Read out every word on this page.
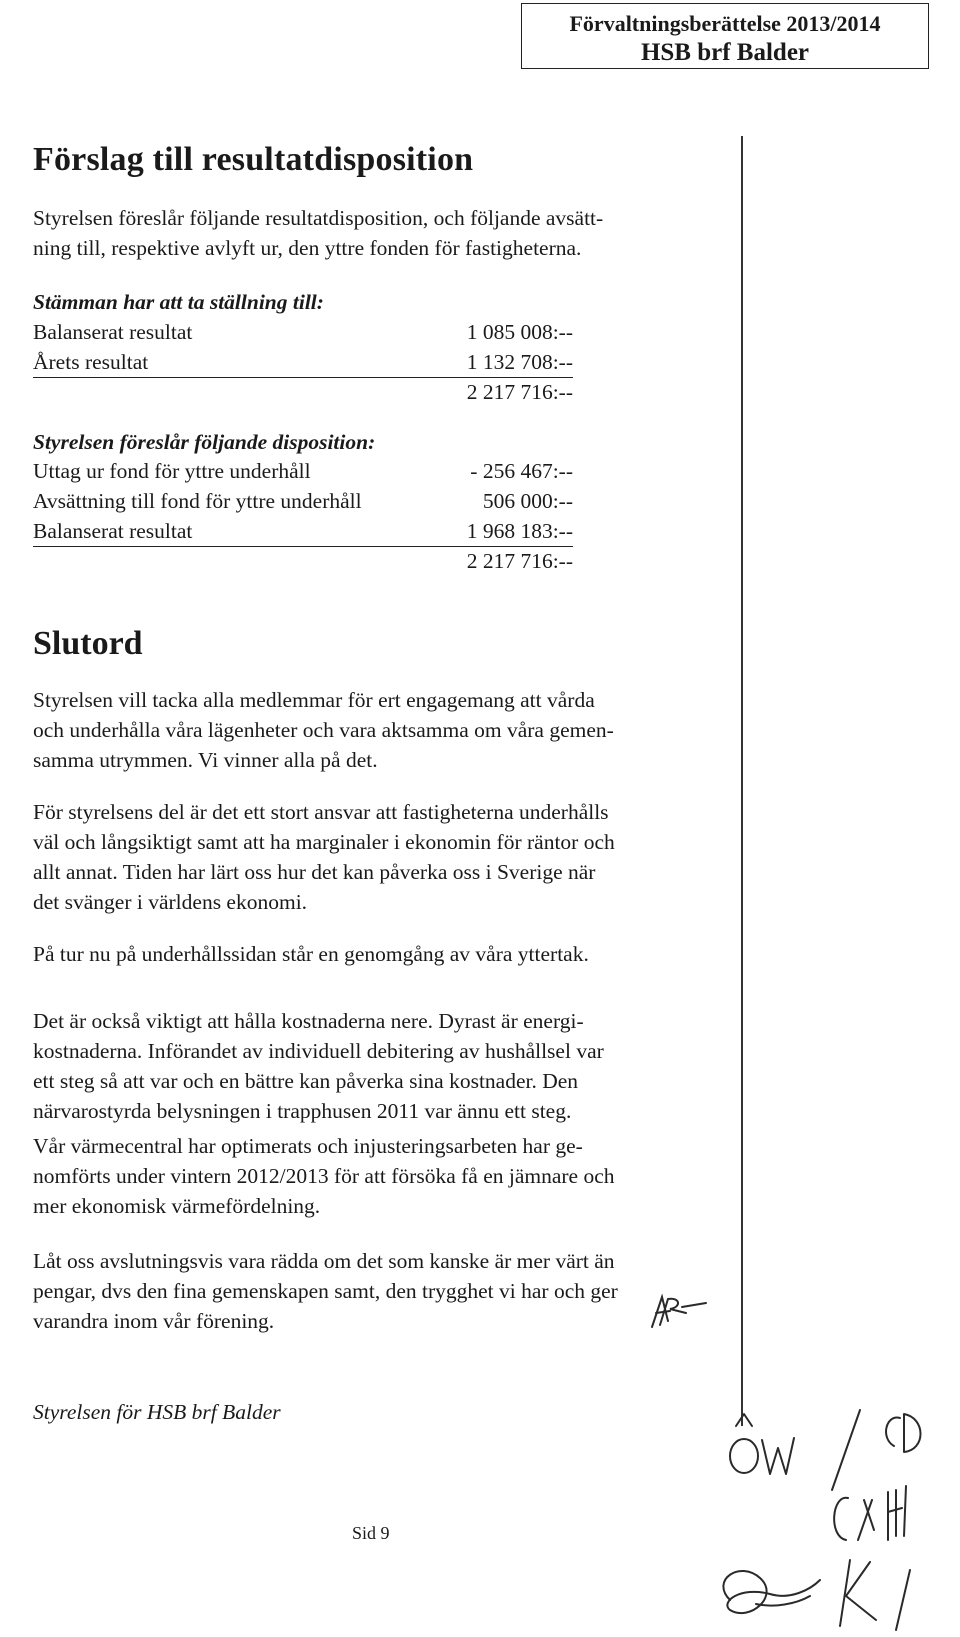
Förvaltningsberättelse 2013/2014
HSB brf Balder
Förslag till resultatdisposition
Styrelsen föreslår följande resultatdisposition, och följande avsätt-
ning till, respektive avlyft ur, den yttre fonden för fastigheterna.
Stämman har att ta ställning till:
Balanserat resultat	1 085 008:--
Årets resultat	1 132 708:--
2 217 716:--
Styrelsen föreslår följande disposition:
Uttag ur fond för yttre underhåll	- 256 467:--
Avsättning till fond för yttre underhåll	506 000:--
Balanserat resultat	1 968 183:--
2 217 716:--
Slutord
Styrelsen vill tacka alla medlemmar för ert engagemang att vårda
och underhålla våra lägenheter och vara aktsamma om våra gemen-
samma utrymmen. Vi vinner alla på det.
För styrelsens del är det ett stort ansvar att fastigheterna underhålls
väl och långsiktigt samt att ha marginaler i ekonomin för räntor och
allt annat. Tiden har lärt oss hur det kan påverka oss i Sverige när
det svänger i världens ekonomi.
På tur nu på underhållssidan står en genomgång av våra yttertak.
Det är också viktigt att hålla kostnaderna nere. Dyrast är energi-
kostnaderna. Införandet av individuell debitering av hushållsel var
ett steg så att var och en bättre kan påverka sina kostnader. Den
närvarostyrda belysningen i trapphusen 2011 var ännu ett steg.
Vår värmecentral har optimerats och injusteringsarbeten har ge-
nomförts under vintern 2012/2013 för att försöka få en jämnare och
mer ekonomisk värmefördelning.
Låt oss avslutningsvis vara rädda om det som kanske är mer värt än
pengar, dvs den fina gemenskapen samt, den trygghet vi har och ger
varandra inom vår förening.
Styrelsen för HSB brf Balder
Sid 9
